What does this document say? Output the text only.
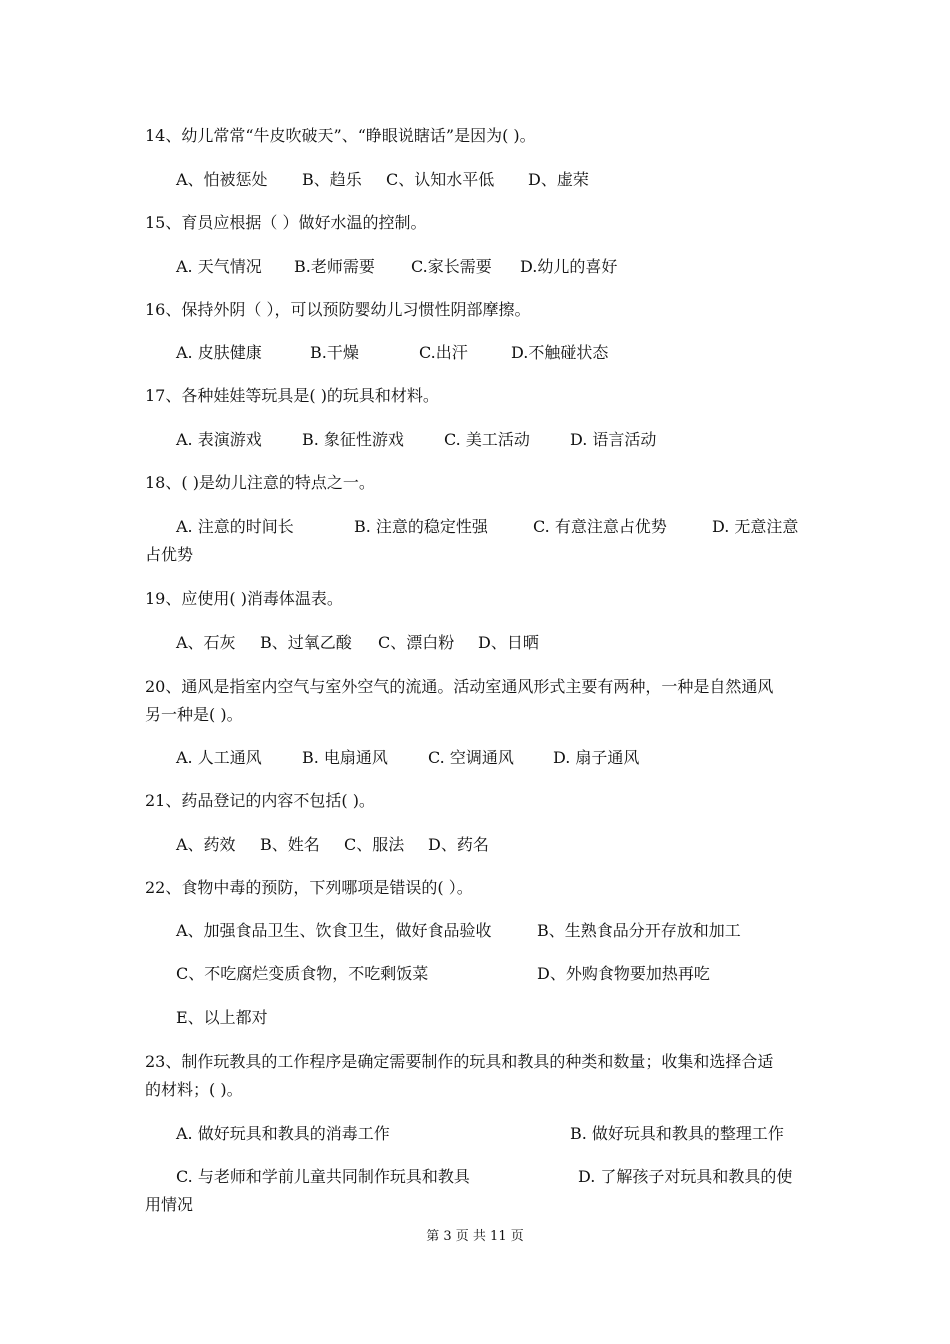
14、幼儿常常“牛皮吹破天”、“睁眼说瞎话”是因为( )。
A、怕被惩处 B、趋乐 C、认知水平低 D、虚荣
15、育员应根据（ ）做好水温的控制。
A. 天气情况 B.老师需要 C.家长需要 D.幼儿的喜好
16、保持外阴（ ），可以预防婴幼儿习惯性阴部摩擦。
A. 皮肤健康	B.干燥	C.出汗	D.不触碰状态
17、各种娃娃等玩具是( )的玩具和材料。
A. 表演游戏	B. 象征性游戏	C. 美工活动	D. 语言活动
18、( )是幼儿注意的特点之一。
A. 注意的时间长	B. 注意的稳定性强	C. 有意注意占优势	D. 无意注意
占优势
19、应使用( )消毒体温表。
A、石灰 B、过氧乙酸 C、漂白粉 D、日晒
20、通风是指室内空气与室外空气的流通。活动室通风形式主要有两种，一种是自然通风
另一种是( )。
A. 人工通风	B. 电扇通风	C. 空调通风 D. 扇子通风
21、药品登记的内容不包括( )。
A、药效 B、姓名 C、服法 D、药名
22、食物中毒的预防，下列哪项是错误的( ）。
A、加强食品卫生、饮食卫生，做好食品验收	B、生熟食品分开存放和加工
C、不吃腐烂变质食物，不吃剩饭菜	D、外购食物要加热再吃
E、以上都对
23、制作玩教具的工作程序是确定需要制作的玩具和教具的种类和数量；收集和选择合适
的材料；( )。
A. 做好玩具和教具的消毒工作	B. 做好玩具和教具的整理工作
C. 与老师和学前儿童共同制作玩具和教具	D. 了解孩子对玩具和教具的使
用情况
第 3 页 共 11 页
